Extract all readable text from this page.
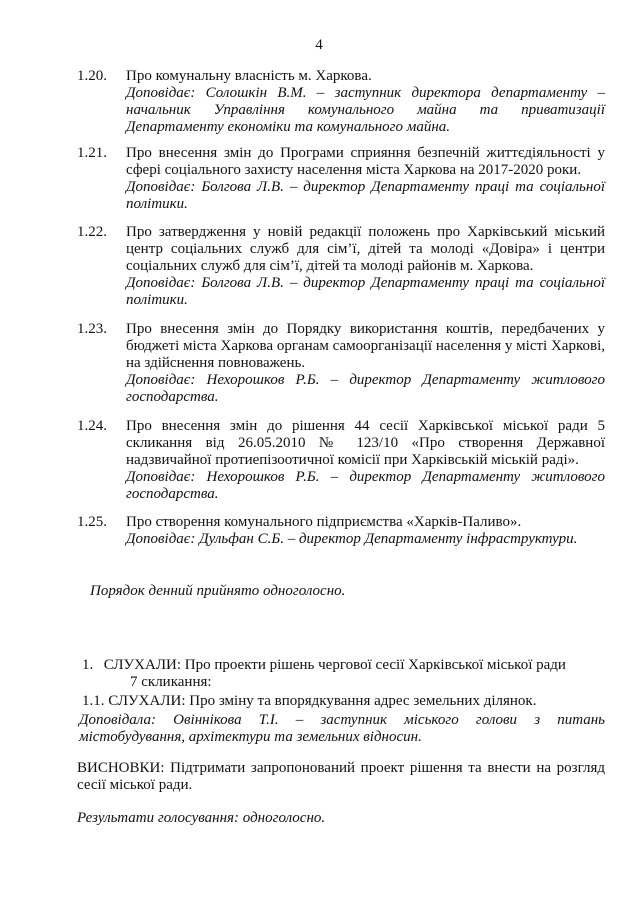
4
1.20.	Про комунальну власність м. Харкова.

Доповідає: Солошкін В.М. – заступник директора департаменту – начальник Управління комунального майна та приватизації Департаменту економіки та комунального майна.

1.21.	Про внесення змін до Програми сприяння безпечній життєдіяльності у сфері соціального захисту населення міста Харкова на 2017-2020 роки.

Доповідає: Болгова Л.В. – директор Департаменту праці та соціальної політики.

1.22.	Про затвердження у новій редакції положень про Харківський міський центр соціальних служб для сім’ї, дітей та молоді «Довіра» і центри соціальних служб для сім’ї, дітей та молоді районів м. Харкова.

Доповідає: Болгова Л.В. – директор Департаменту праці та соціальної політики.

1.23.	Про внесення змін до Порядку використання коштів, передбачених у бюджеті міста Харкова органам самоорганізації населення у місті Харкові, на здійснення повноважень.

Доповідає: Нехорошков Р.Б. – директор Департаменту житлового господарства.

1.24.	Про внесення змін до рішення 44 сесії Харківської міської ради 5 скликання від 26.05.2010 № 123/10 «Про створення Державної надзвичайної протиепізоотичної комісії при Харківській міській раді».

Доповідає: Нехорошков Р.Б. – директор Департаменту житлового господарства.

1.25.	Про створення комунального підприємства «Харків-Паливо».

Доповідає: Дульфан С.Б. – директор Департаменту інфраструктури.

Порядок денний прийнято одноголосно.
1. СЛУХАЛИ: Про проекти рішень чергової сесії Харківської міської ради
7 скликання:
1.1. СЛУХАЛИ: Про зміну та впорядкування адрес земельних ділянок.
Доповідала: Овіннікова Т.І. – заступник міського голови з питань містобудування, архітектури та земельних відносин.
ВИСНОВКИ: Підтримати запропонований проект рішення та внести на розгляд сесії міської ради.
Результати голосування: одноголосно.
